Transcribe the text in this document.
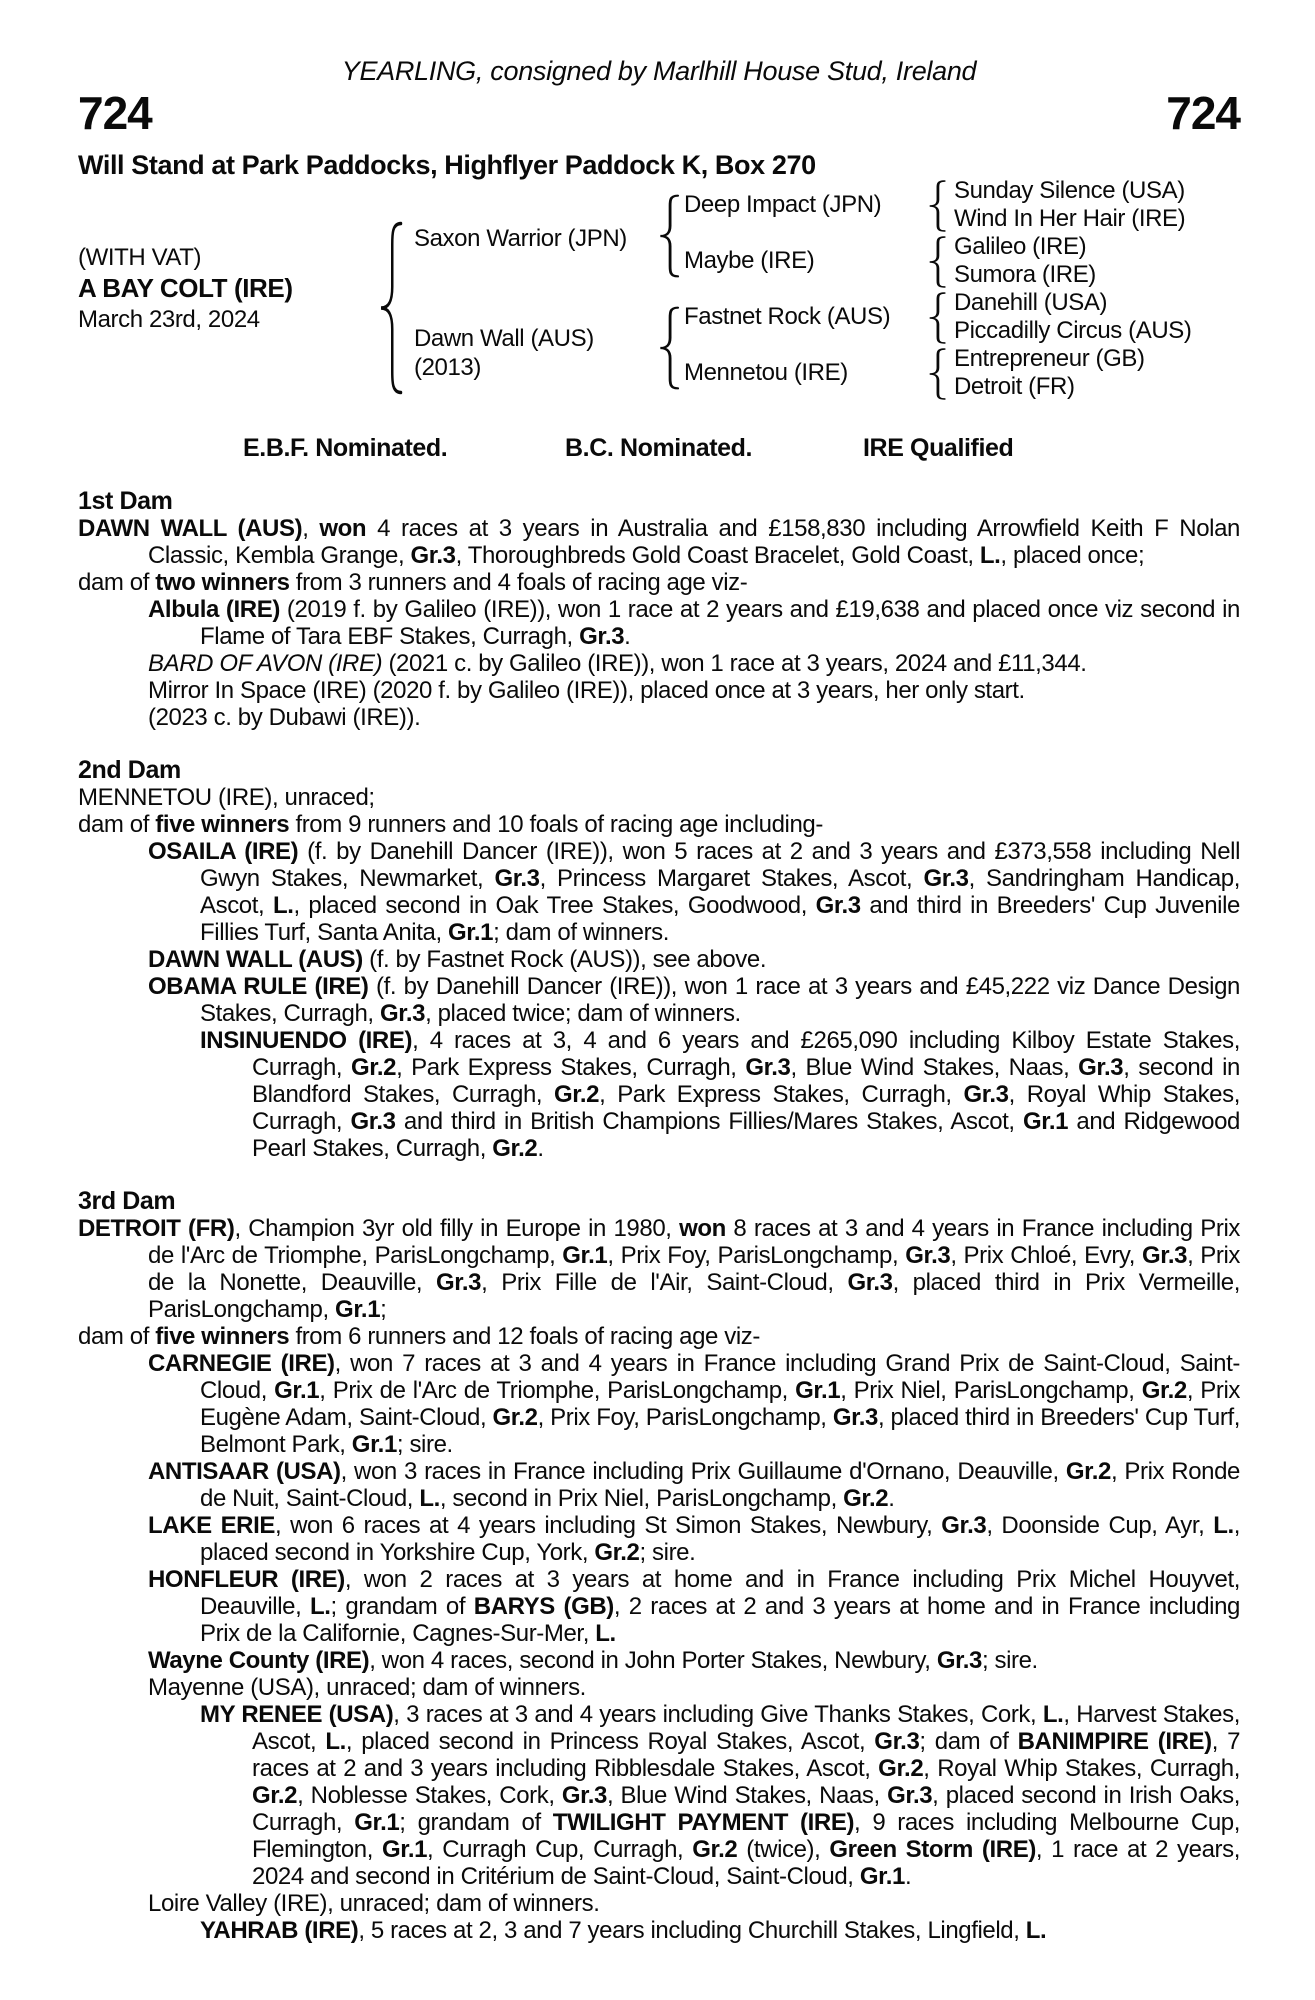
YEARLING, consigned by Marlhill House Stud, Ireland
724	724
Will Stand at Park Paddocks, Highflyer Paddock K, Box 270
(WITH VAT)
A BAY COLT (IRE)
March 23rd, 2024
Saxon Warrior (JPN)
Dawn Wall (AUS)
(2013)
Deep Impact (JPN)
Maybe (IRE)
Fastnet Rock (AUS)
Mennetou (IRE)
Sunday Silence (USA)
Wind In Her Hair (IRE)
Galileo (IRE)
Sumora (IRE)
Danehill (USA)
Piccadilly Circus (AUS)
Entrepreneur (GB)
Detroit (FR)
E.B.F. Nominated.	B.C. Nominated.	IRE Qualified
1st Dam
DAWN WALL (AUS), won 4 races at 3 years in Australia and £158,830 including Arrowfield Keith F Nolan Classic, Kembla Grange, Gr.3, Thoroughbreds Gold Coast Bracelet, Gold Coast, L., placed once;
dam of two winners from 3 runners and 4 foals of racing age viz-
Albula (IRE) (2019 f. by Galileo (IRE)), won 1 race at 2 years and £19,638 and placed once viz second in Flame of Tara EBF Stakes, Curragh, Gr.3.
BARD OF AVON (IRE) (2021 c. by Galileo (IRE)), won 1 race at 3 years, 2024 and £11,344.
Mirror In Space (IRE) (2020 f. by Galileo (IRE)), placed once at 3 years, her only start.
(2023 c. by Dubawi (IRE)).
2nd Dam
MENNETOU (IRE), unraced;
dam of five winners from 9 runners and 10 foals of racing age including-
OSAILA (IRE) (f. by Danehill Dancer (IRE)), won 5 races at 2 and 3 years and £373,558 including Nell Gwyn Stakes, Newmarket, Gr.3, Princess Margaret Stakes, Ascot, Gr.3, Sandringham Handicap, Ascot, L., placed second in Oak Tree Stakes, Goodwood, Gr.3 and third in Breeders' Cup Juvenile Fillies Turf, Santa Anita, Gr.1; dam of winners.
DAWN WALL (AUS) (f. by Fastnet Rock (AUS)), see above.
OBAMA RULE (IRE) (f. by Danehill Dancer (IRE)), won 1 race at 3 years and £45,222 viz Dance Design Stakes, Curragh, Gr.3, placed twice; dam of winners.
INSINUENDO (IRE), 4 races at 3, 4 and 6 years and £265,090 including Kilboy Estate Stakes, Curragh, Gr.2, Park Express Stakes, Curragh, Gr.3, Blue Wind Stakes, Naas, Gr.3, second in Blandford Stakes, Curragh, Gr.2, Park Express Stakes, Curragh, Gr.3, Royal Whip Stakes, Curragh, Gr.3 and third in British Champions Fillies/Mares Stakes, Ascot, Gr.1 and Ridgewood Pearl Stakes, Curragh, Gr.2.
3rd Dam
DETROIT (FR), Champion 3yr old filly in Europe in 1980, won 8 races at 3 and 4 years in France including Prix de l'Arc de Triomphe, ParisLongchamp, Gr.1, Prix Foy, ParisLongchamp, Gr.3, Prix Chloé, Evry, Gr.3, Prix de la Nonette, Deauville, Gr.3, Prix Fille de l'Air, Saint-Cloud, Gr.3, placed third in Prix Vermeille, ParisLongchamp, Gr.1;
dam of five winners from 6 runners and 12 foals of racing age viz-
CARNEGIE (IRE), won 7 races at 3 and 4 years in France including Grand Prix de Saint-Cloud, Saint-Cloud, Gr.1, Prix de l'Arc de Triomphe, ParisLongchamp, Gr.1, Prix Niel, ParisLongchamp, Gr.2, Prix Eugène Adam, Saint-Cloud, Gr.2, Prix Foy, ParisLongchamp, Gr.3, placed third in Breeders' Cup Turf, Belmont Park, Gr.1; sire.
ANTISAAR (USA), won 3 races in France including Prix Guillaume d'Ornano, Deauville, Gr.2, Prix Ronde de Nuit, Saint-Cloud, L., second in Prix Niel, ParisLongchamp, Gr.2.
LAKE ERIE, won 6 races at 4 years including St Simon Stakes, Newbury, Gr.3, Doonside Cup, Ayr, L., placed second in Yorkshire Cup, York, Gr.2; sire.
HONFLEUR (IRE), won 2 races at 3 years at home and in France including Prix Michel Houyvet, Deauville, L.; grandam of BARYS (GB), 2 races at 2 and 3 years at home and in France including Prix de la Californie, Cagnes-Sur-Mer, L.
Wayne County (IRE), won 4 races, second in John Porter Stakes, Newbury, Gr.3; sire.
Mayenne (USA), unraced; dam of winners.
MY RENEE (USA), 3 races at 3 and 4 years including Give Thanks Stakes, Cork, L., Harvest Stakes, Ascot, L., placed second in Princess Royal Stakes, Ascot, Gr.3; dam of BANIMPIRE (IRE), 7 races at 2 and 3 years including Ribblesdale Stakes, Ascot, Gr.2, Royal Whip Stakes, Curragh, Gr.2, Noblesse Stakes, Cork, Gr.3, Blue Wind Stakes, Naas, Gr.3, placed second in Irish Oaks, Curragh, Gr.1; grandam of TWILIGHT PAYMENT (IRE), 9 races including Melbourne Cup, Flemington, Gr.1, Curragh Cup, Curragh, Gr.2 (twice), Green Storm (IRE), 1 race at 2 years, 2024 and second in Critérium de Saint-Cloud, Saint-Cloud, Gr.1.
Loire Valley (IRE), unraced; dam of winners.
YAHRAB (IRE), 5 races at 2, 3 and 7 years including Churchill Stakes, Lingfield, L.
